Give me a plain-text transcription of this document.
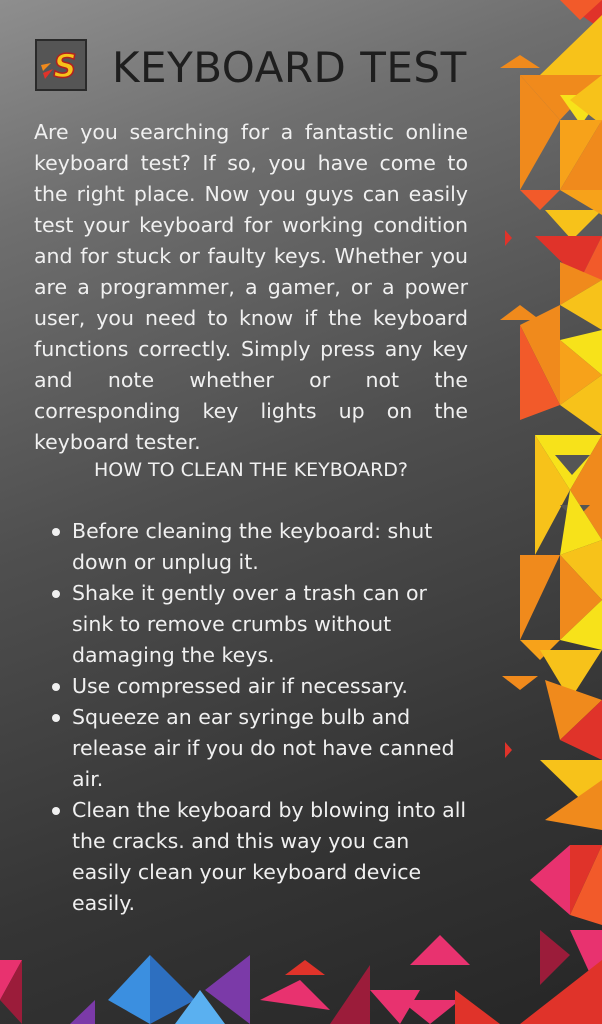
S KEYBOARD TEST

Are you searching for a fantastic online keyboard test? If so, you have come to the right place. Now you guys can easily test your keyboard for working condition and for stuck or faulty keys. Whether you are a programmer, a gamer, or a power user, you need to know if the keyboard functions correctly. Simply press any key and note whether or not the corresponding key lights up on the keyboard tester.

HOW TO CLEAN THE KEYBOARD?
Before cleaning the keyboard: shut down or unplug it.
Shake it gently over a trash can or sink to remove crumbs without damaging the keys.
Use compressed air if necessary.
Squeeze an ear syringe bulb and release air if you do not have canned air.
Clean the keyboard by blowing into all the cracks. and this way you can easily clean your keyboard device easily.
